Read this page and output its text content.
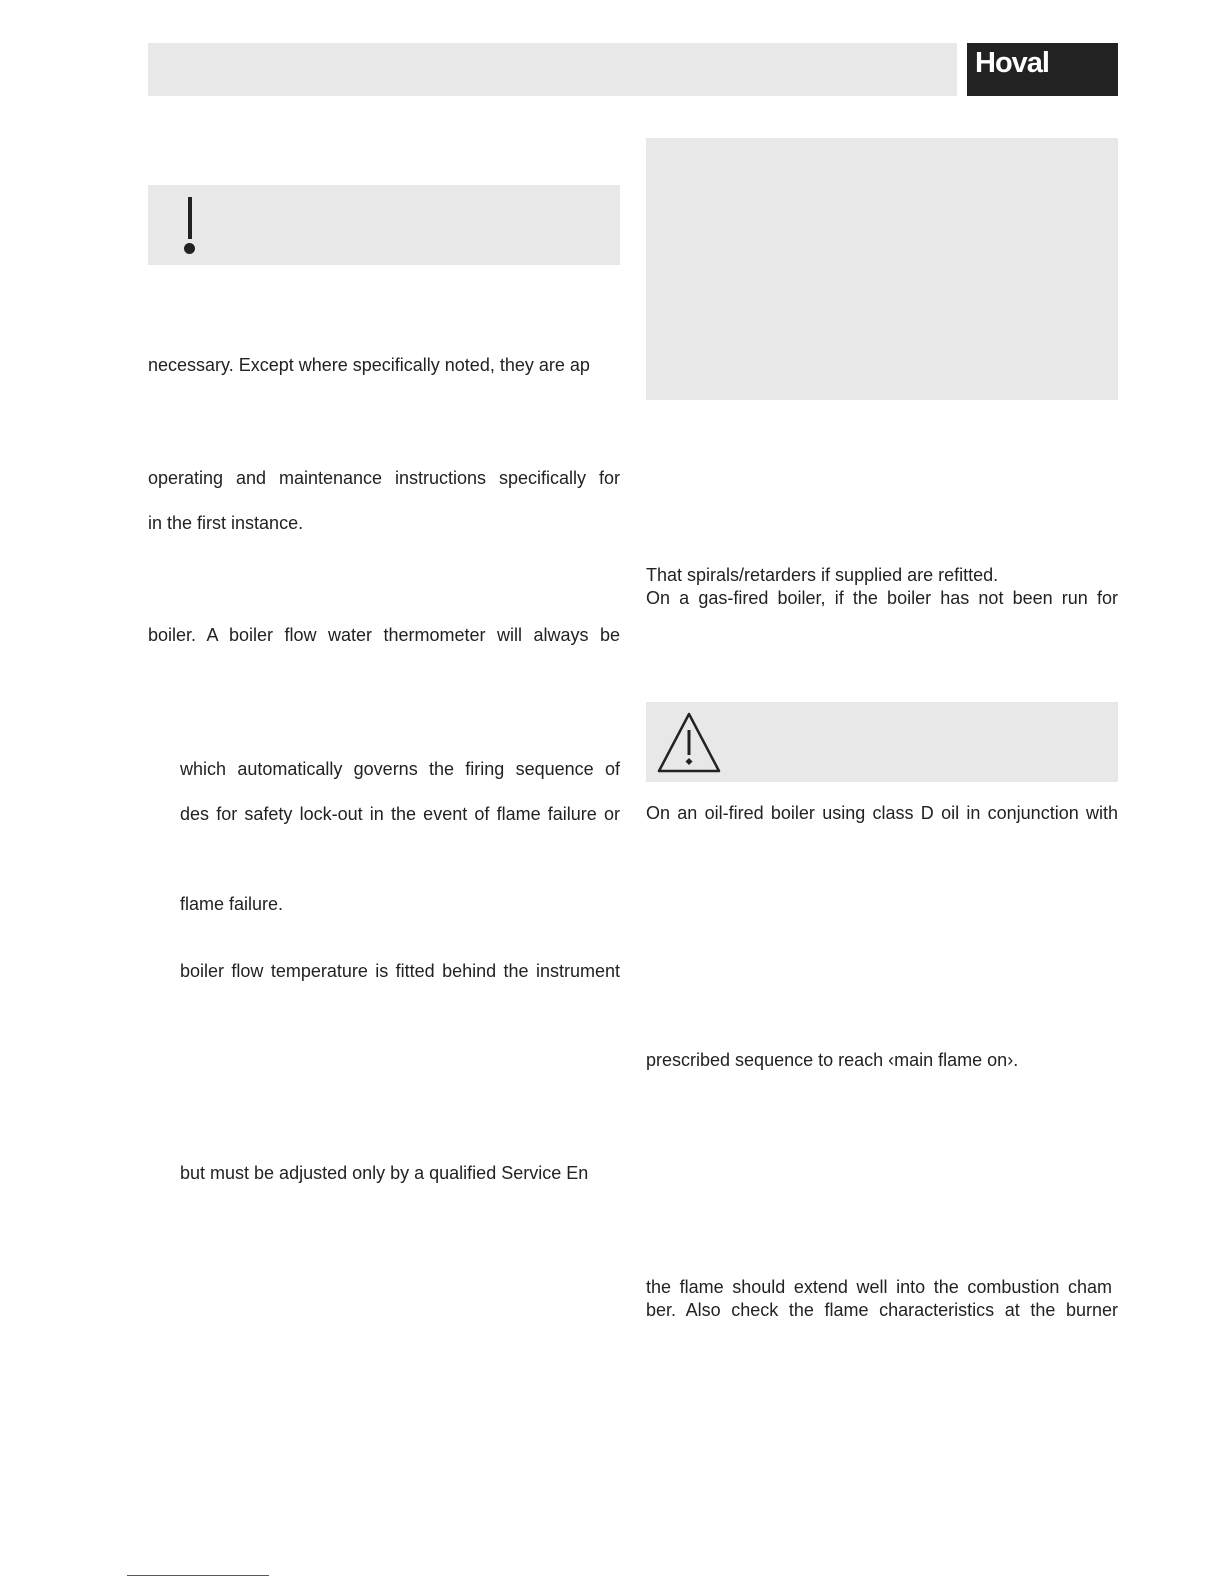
Hoval
necessary. Except where specifically noted, they are ap
operating and maintenance instructions specifically for
in the first instance.
boiler. A boiler flow water thermometer will always be
which automatically governs the firing sequence of
des for safety lock-out in the event of flame failure or
flame failure.
boiler flow temperature is fitted behind the instrument
but must be adjusted only by a qualified Service En
That spirals/retarders if supplied are refitted.
On a gas-fired boiler, if the boiler has not been run for
On an oil-fired boiler using class D oil in conjunction with
prescribed sequence to reach ‹main flame on›.
the flame should extend well into the combustion cham
ber. Also check the flame characteristics at the burner
